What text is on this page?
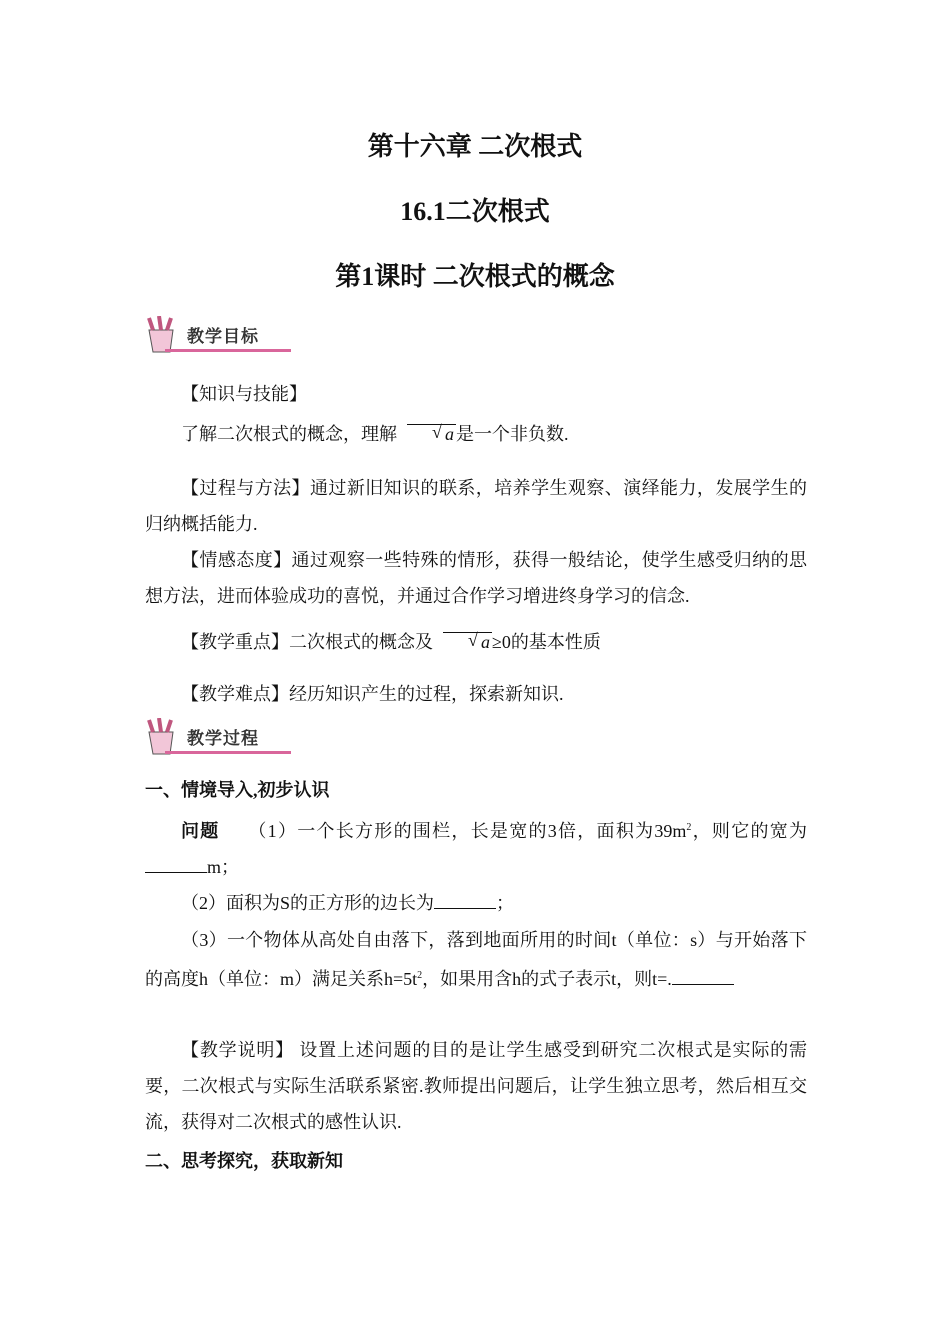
第十六章 二次根式
16.1二次根式
第1课时 二次根式的概念
教学目标
【知识与技能】
了解二次根式的概念，理解	√ a 是一个非负数.
【过程与方法】通过新旧知识的联系，培养学生观察、演绎能力，发展学生的归纳概括能力.
【情感态度】通过观察一些特殊的情形，获得一般结论，使学生感受归纳的思想方法，进而体验成功的喜悦，并通过合作学习增进终身学习的信念.
【教学重点】二次根式的概念及	√ a ≥0的基本性质
【教学难点】经历知识产生的过程，探索新知识.
教学过程
一、情境导入,初步认识
问题 （1）一个长方形的围栏，长是宽的3倍，面积为$39m^2$，则它的宽为m；
（2）面积为S的正方形的边长为	；
（3）一个物体从高处自由落下，落到地面所用的时间t（单位：s）与开始落下的高度h（单位：m）满足关系$h=5t^2$，如果用含h的式子表示t，则t=.
【教学说明】 设置上述问题的目的是让学生感受到研究二次根式是实际的需要，二次根式与实际生活联系紧密.教师提出问题后，让学生独立思考，然后相互交流，获得对二次根式的感性认识.
二、思考探究，获取新知
